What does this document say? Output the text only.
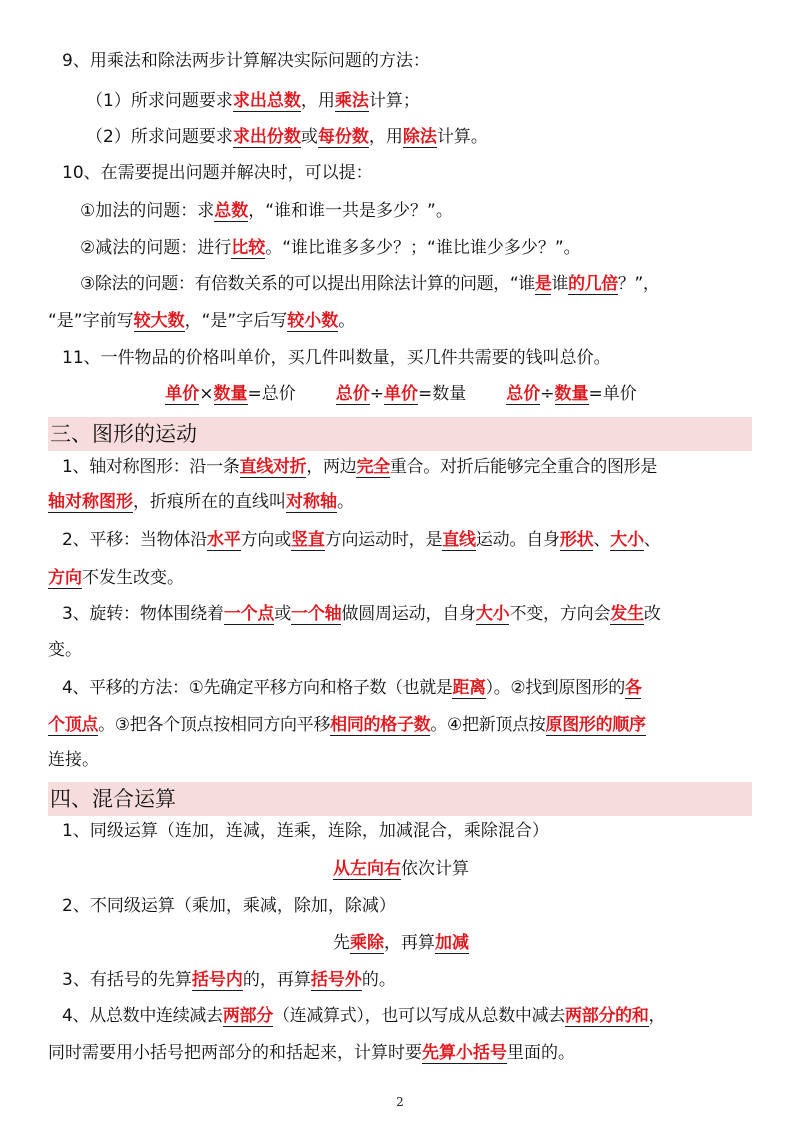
9、用乘法和除法两步计算解决实际问题的方法：
（1）所求问题要求求出总数，用乘法计算；
（2）所求问题要求求出份数或每份数，用除法计算。
10、在需要提出问题并解决时，可以提：
①加法的问题：求总数，“谁和谁一共是多少？”。
②减法的问题：进行比较。“谁比谁多多少？；“谁比谁少多少？”。
③除法的问题：有倍数关系的可以提出用除法计算的问题，“谁是谁的几倍？”，
“是”字前写较大数，“是”字后写较小数。
11、一件物品的价格叫单价，买几件叫数量，买几件共需要的钱叫总价。
单价×数量=总价 总价÷单价=数量 总价÷数量=单价
三、图形的运动
1、轴对称图形：沿一条直线对折，两边完全重合。对折后能够完全重合的图形是
轴对称图形，折痕所在的直线叫对称轴。
2、平移：当物体沿水平方向或竖直方向运动时，是直线运动。自身形状、大小、
方向不发生改变。
3、旋转：物体围绕着一个点或一个轴做圆周运动，自身大小不变，方向会发生改
变。
4、平移的方法：①先确定平移方向和格子数（也就是距离）。②找到原图形的各
个顶点。③把各个顶点按相同方向平移相同的格子数。④把新顶点按原图形的顺序
连接。
四、混合运算
1、同级运算（连加，连减，连乘，连除，加减混合，乘除混合）
从左向右依次计算
2、不同级运算（乘加，乘减，除加，除减）
先乘除，再算加减
3、有括号的先算括号内的，再算括号外的。
4、从总数中连续减去两部分（连减算式），也可以写成从总数中减去两部分的和，
同时需要用小括号把两部分的和括起来，计算时要先算小括号里面的。
2
